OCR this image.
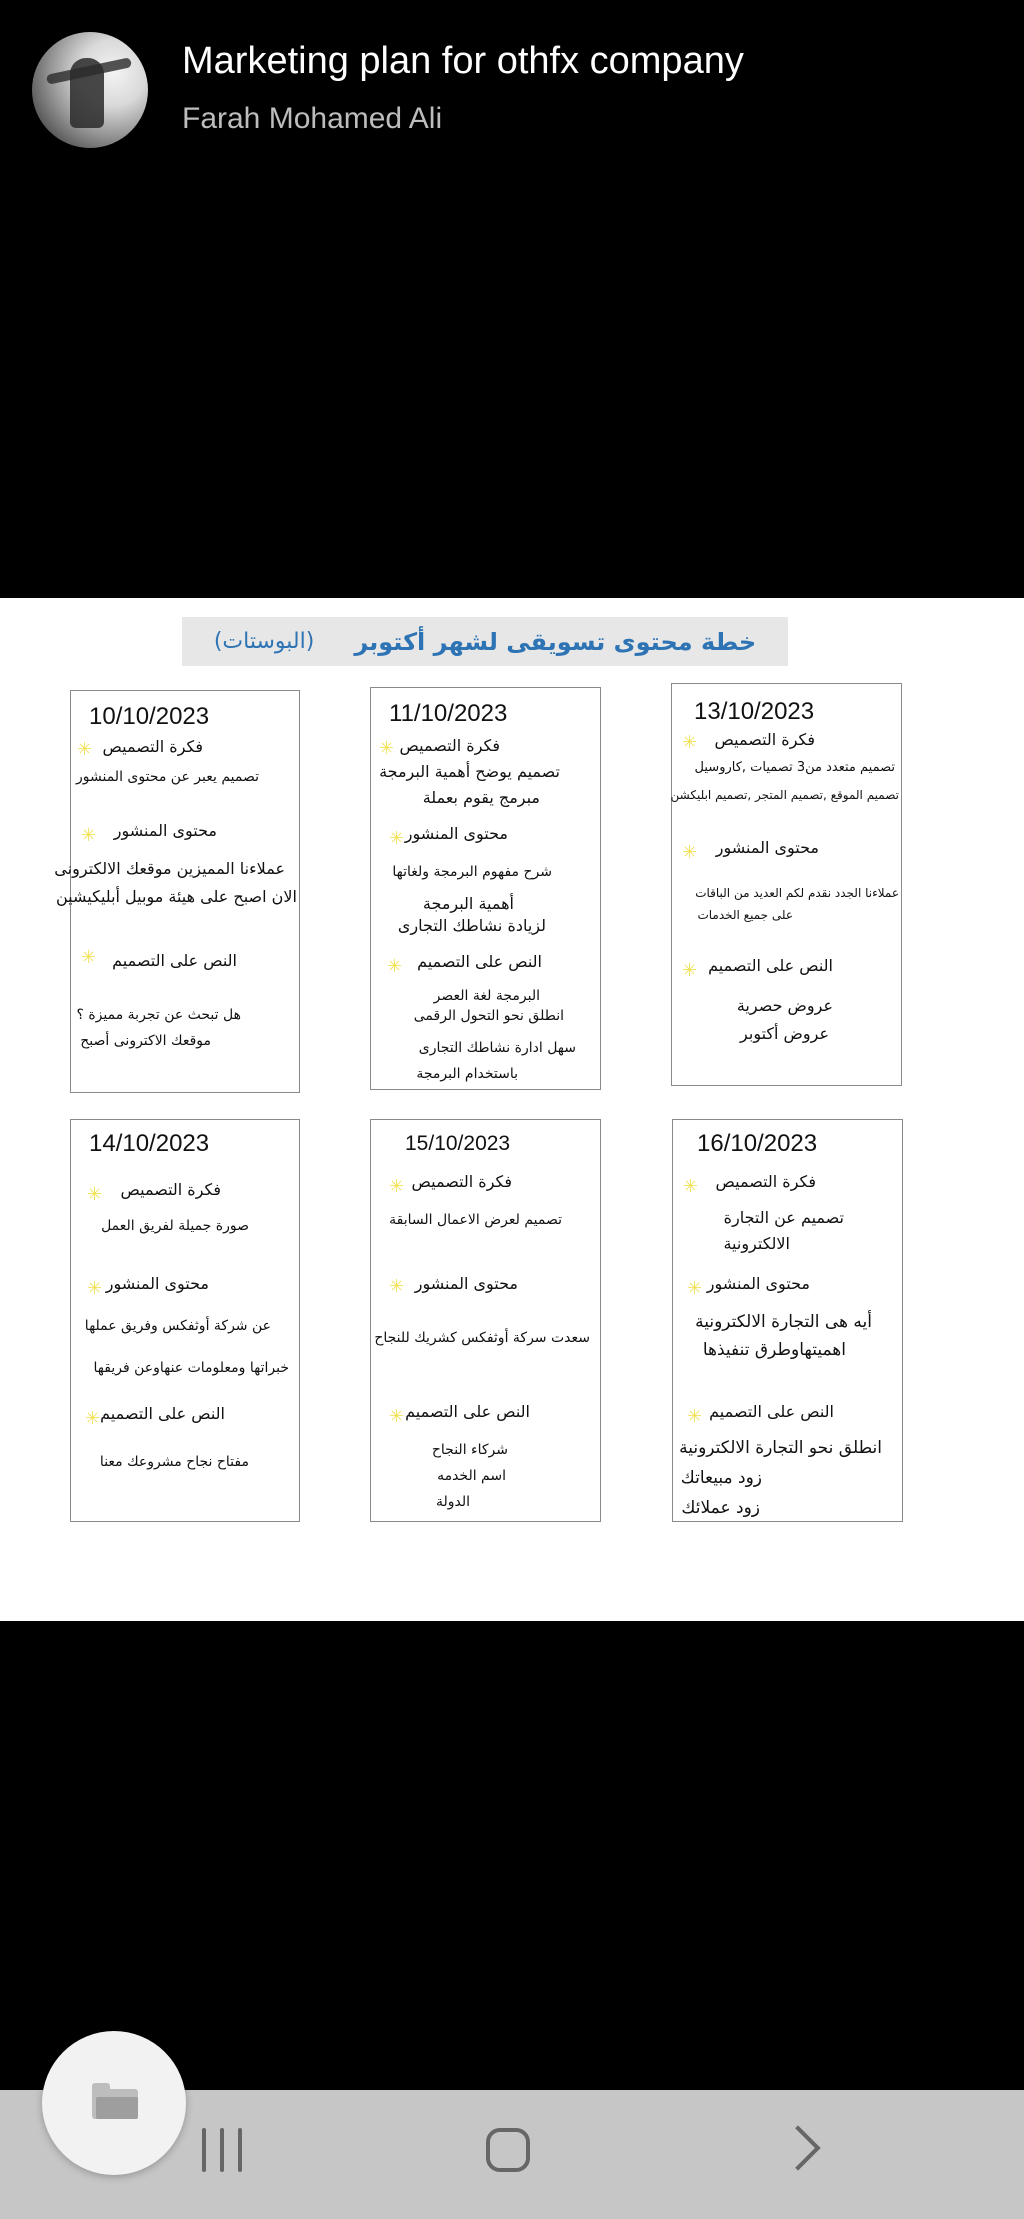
Marketing plan for othfx company
Farah Mohamed Ali
خطة محتوى تسويقى لشهر أكتوبر
(البوستات)
10/10/2023
✳ فكرة التصميص
تصميم يعبر عن محتوى المنشور
✳ محتوى المنشور
عملاءنا المميزين موقعك الالكترونى
الان اصبح على هيئة موبيل أبليكيشين
✳ النص على التصميم
هل تبحث عن تجربة مميزة ؟
موقعك الاكترونى أصبح
11/10/2023
✳ فكرة التصميص
تصميم يوضح أهمية البرمجة
مبرمج يقوم بعملة
✳ محتوى المنشور
شرح مفهوم البرمجة ولغاتها
أهمية البرمجة
لزيادة نشاطك التجارى
✳ النص على التصميم
البرمجة لغة العصر
انطلق نحو التحول الرقمى
سهل ادارة نشاطك التجارى
باستخدام البرمجة
13/10/2023
✳ فكرة التصميص
تصميم متعدد من3 تصميات ,كاروسيل
تصميم الموقع ,تصميم المتجر ,تصميم ابليكشن
✳ محتوى المنشور
عملاءنا الجدد نقدم لكم العديد من الباقات
على جميع الخدمات
✳ النص على التصميم
عروض حصرية
عروض أكتوبر
14/10/2023
✳ فكرة التصميص
صورة جميلة لفريق العمل
✳ محتوى المنشور
عن شركة أوثفكس وفريق عملها
خبراتها ومعلومات عنهاوعن فريقها
✳ النص على التصميم
مفتاح نجاح مشروعك معنا
15/10/2023
✳ فكرة التصميص
تصميم لعرض الاعمال السابقة
✳ محتوى المنشور
سعدت سركة أوثفكس كشريك للنجاح
✳ النص على التصميم
شركاء النجاح
اسم الخدمه
الدولة
16/10/2023
✳ فكرة التصميص
تصميم عن التجارة
الالكترونية
✳ محتوى المنشور
أيه هى التجارة الالكترونية
اهميتهاوطرق تنفيذها
✳ النص على التصميم
انطلق نحو التجارة الالكترونية
زود مبيعاتك
زود عملائك
